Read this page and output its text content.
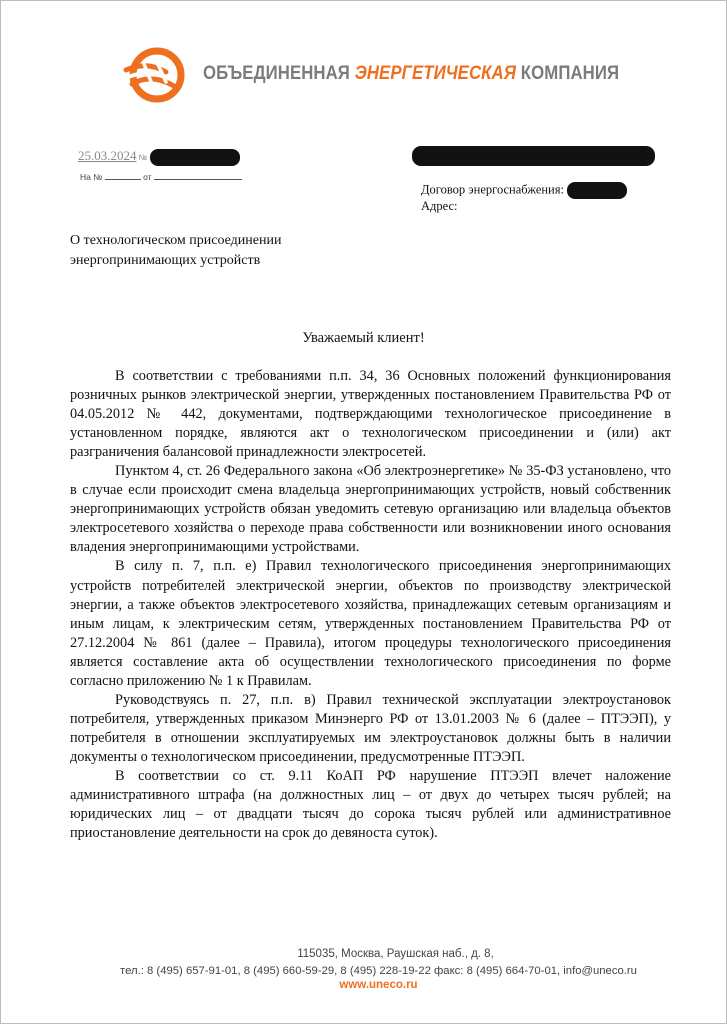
ОБЪЕДИНЕННАЯ ЭНЕРГЕТИЧЕСКАЯ КОМПАНИЯ
25.03.2024 №
На №	от
Договор энергоснабжения:
Адрес:
О технологическом присоединении
энергопринимающих устройств
Уважаемый клиент!

В соответствии с требованиями п.п. 34, 36 Основных положений функционирования розничных рынков электрической энергии, утвержденных постановлением Правительства РФ от 04.05.2012 № 442, документами, подтверждающими технологическое присоединение в установленном порядке, являются акт о технологическом присоединении и (или) акт разграничения балансовой принадлежности электросетей.

Пунктом 4, ст. 26 Федерального закона «Об электроэнергетике» № 35-ФЗ установлено, что в случае если происходит смена владельца энергопринимающих устройств, новый собственник энергопринимающих устройств обязан уведомить сетевую организацию или владельца объектов электросетевого хозяйства о переходе права собственности или возникновении иного основания владения энергопринимающими устройствами.

В силу п. 7, п.п. е) Правил технологического присоединения энергопринимающих устройств потребителей электрической энергии, объектов по производству электрической энергии, а также объектов электросетевого хозяйства, принадлежащих сетевым организациям и иным лицам, к электрическим сетям, утвержденных постановлением Правительства РФ от 27.12.2004 № 861 (далее – Правила), итогом процедуры технологического присоединения является составление акта об осуществлении технологического присоединения по форме согласно приложению № 1 к Правилам.

Руководствуясь п. 27, п.п. в) Правил технической эксплуатации электроустановок потребителя, утвержденных приказом Минэнерго РФ от 13.01.2003 № 6 (далее – ПТЭЭП), у потребителя в отношении эксплуатируемых им электроустановок должны быть в наличии документы о технологическом присоединении, предусмотренные ПТЭЭП.

В соответствии со ст. 9.11 КоАП РФ нарушение ПТЭЭП влечет наложение административного штрафа (на должностных лиц – от двух до четырех тысяч рублей; на юридических лиц – от двадцати тысяч до сорока тысяч рублей или административное приостановление деятельности на срок до девяноста суток).

115035, Москва, Раушская наб., д. 8,
тел.: 8 (495) 657-91-01, 8 (495) 660-59-29, 8 (495) 228-19-22 факс: 8 (495) 664-70-01, info@uneco.ru
www.uneco.ru
